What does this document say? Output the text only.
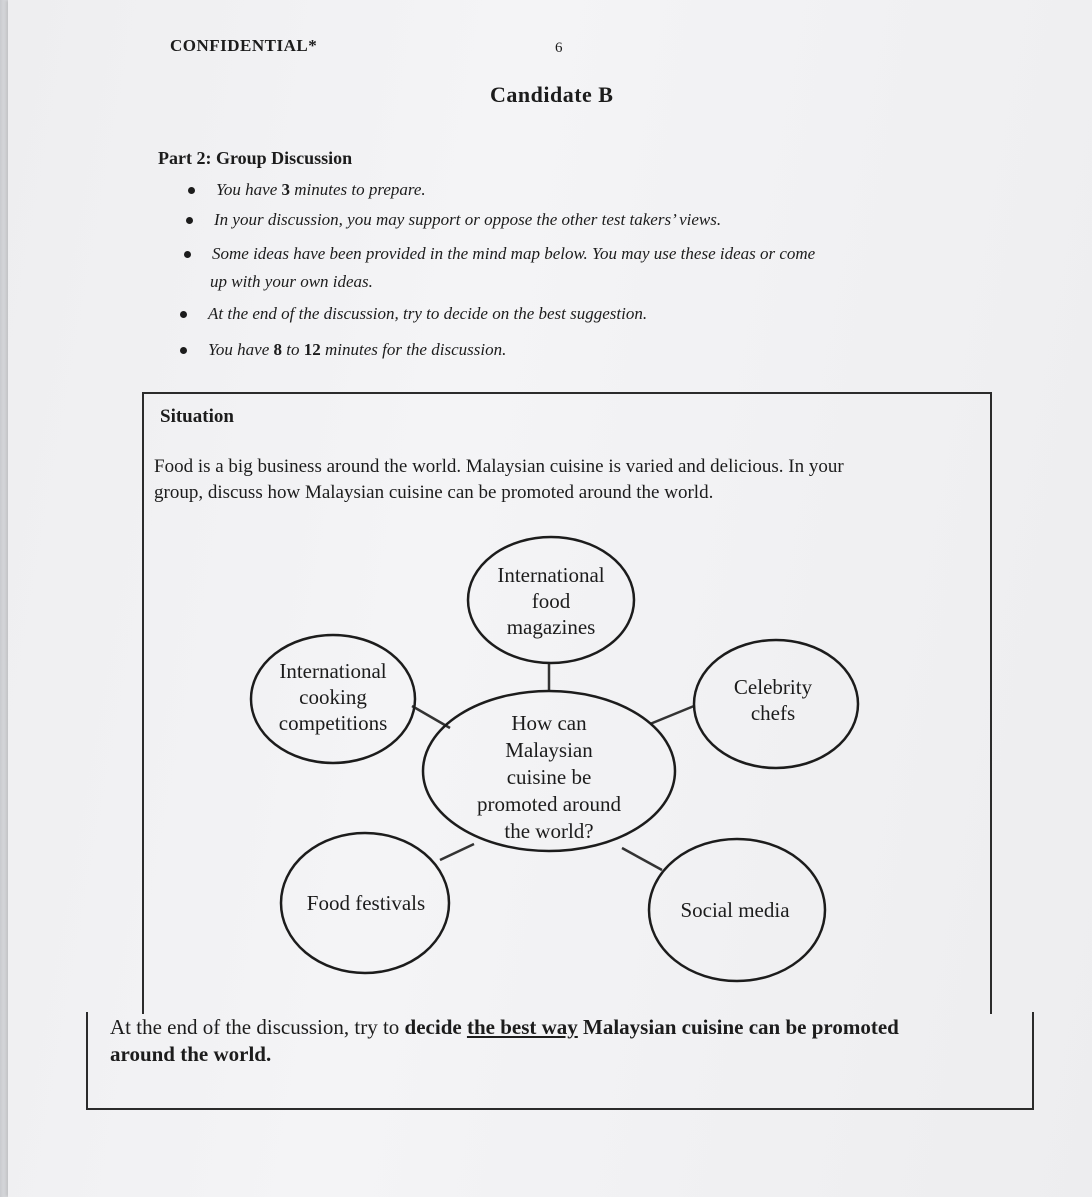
CONFIDENTIAL*	6
Candidate B
Part 2: Group Discussion
You have 3 minutes to prepare.
In your discussion, you may support or oppose the other test takers’ views.
Some ideas have been provided in the mind map below. You may use these ideas or come
up with your own ideas.
At the end of the discussion, try to decide on the best suggestion.
You have 8 to 12 minutes for the discussion.
Situation
Food is a big business around the world. Malaysian cuisine is varied and delicious. In your
group, discuss how Malaysian cuisine can be promoted around the world.
How can
Malaysian
cuisine be
promoted around
the world?
International
food
magazines
International
cooking
competitions
Celebrity
chefs
Food festivals	Social media
At the end of the discussion, try to decide the best way Malaysian cuisine can be promoted
around the world.
